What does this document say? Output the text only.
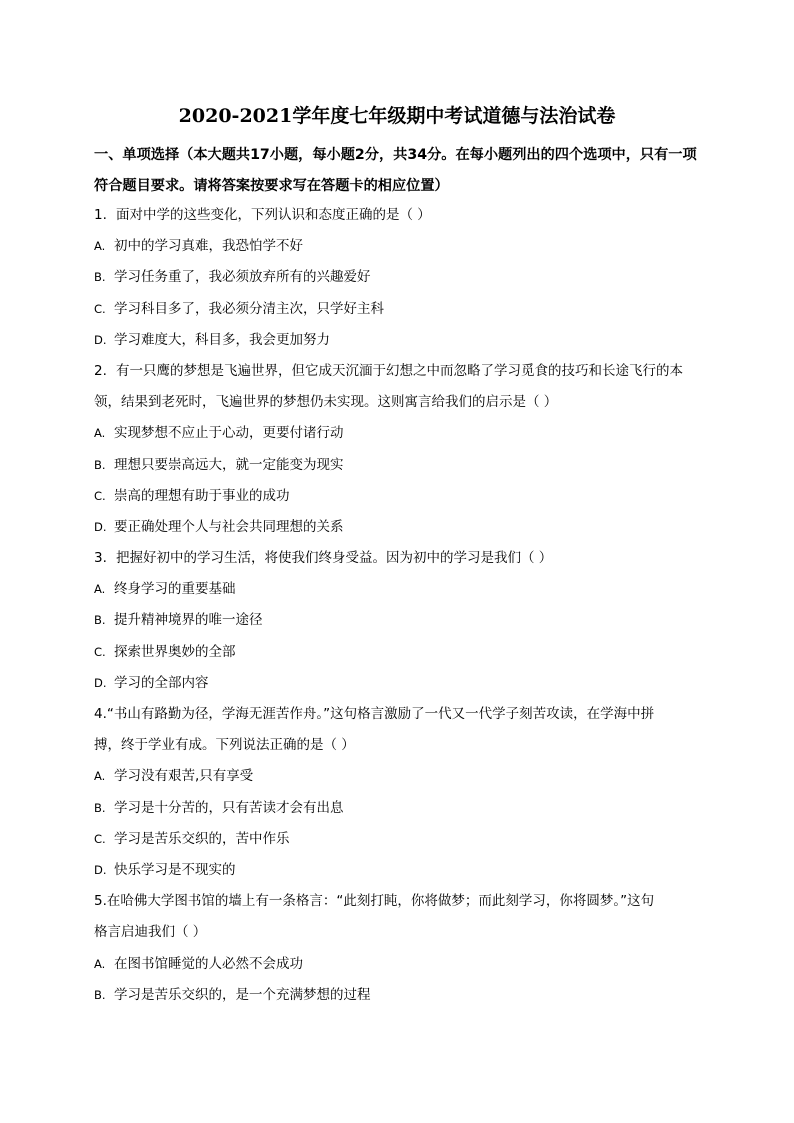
2020-2021学年度七年级期中考试道德与法治试卷
一、单项选择（本大题共17小题，每小题2分，共34分。在每小题列出的四个选项中，只有一项
符合题目要求。请将答案按要求写在答题卡的相应位置）
1. 面对中学的这些变化，下列认识和态度正确的是（ ）
A. 初中的学习真难，我恐怕学不好
B. 学习任务重了，我必须放弃所有的兴趣爱好
C. 学习科目多了，我必须分清主次，只学好主科
D. 学习难度大，科目多，我会更加努力
2. 有一只鹰的梦想是飞遍世界，但它成天沉湎于幻想之中而忽略了学习觅食的技巧和长途飞行的本
领，结果到老死时，飞遍世界的梦想仍未实现。这则寓言给我们的启示是（ ）
A. 实现梦想不应止于心动，更要付诸行动
B. 理想只要崇高远大，就一定能变为现实
C. 崇高的理想有助于事业的成功
D. 要正确处理个人与社会共同理想的关系
3. 把握好初中的学习生活，将使我们终身受益。因为初中的学习是我们（ ）
A. 终身学习的重要基础
B. 提升精神境界的唯一途径
C. 探索世界奥妙的全部
D. 学习的全部内容
4.“书山有路勤为径，学海无涯苦作舟。”这句格言激励了一代又一代学子刻苦攻读，在学海中拼
搏，终于学业有成。下列说法正确的是（ ）
A. 学习没有艰苦,只有享受
B. 学习是十分苦的，只有苦读才会有出息
C. 学习是苦乐交织的，苦中作乐
D. 快乐学习是不现实的
5.在哈佛大学图书馆的墙上有一条格言：“此刻打盹，你将做梦；而此刻学习，你将圆梦。”这句
格言启迪我们（ ）
A. 在图书馆睡觉的人必然不会成功
B. 学习是苦乐交织的，是一个充满梦想的过程
